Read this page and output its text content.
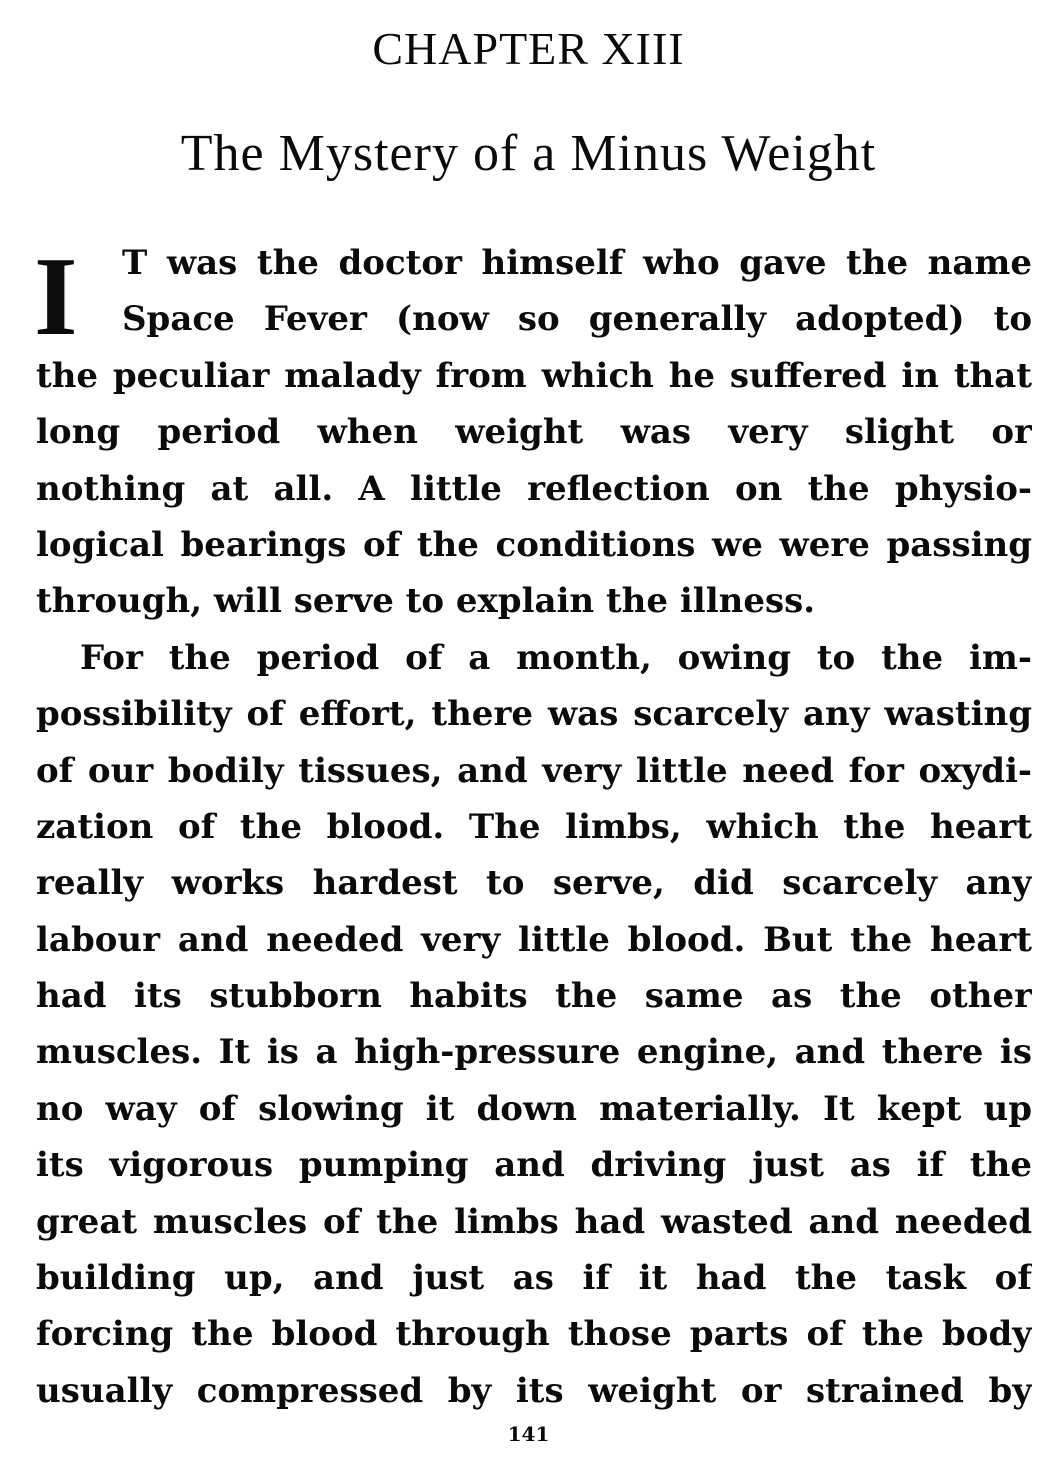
CHAPTER XIII
The Mystery of a Minus Weight
I	T was the doctor himself who gave the name
Space Fever (now so generally adopted) to
the peculiar malady from which he suffered in that
long period when weight was very slight or
nothing at all. A little reflection on the physio-
logical bearings of the conditions we were passing
through, will serve to explain the illness.
For the period of a month, owing to the im-
possibility of effort, there was scarcely any wasting
of our bodily tissues, and very little need for oxydi-
zation of the blood. The limbs, which the heart
really works hardest to serve, did scarcely any
labour and needed very little blood. But the heart
had its stubborn habits the same as the other
muscles. It is a high-pressure engine, and there is
no way of slowing it down materially. It kept up
its vigorous pumping and driving just as if the
great muscles of the limbs had wasted and needed
building up, and just as if it had the task of
forcing the blood through those parts of the body
usually compressed by its weight or strained by
141
